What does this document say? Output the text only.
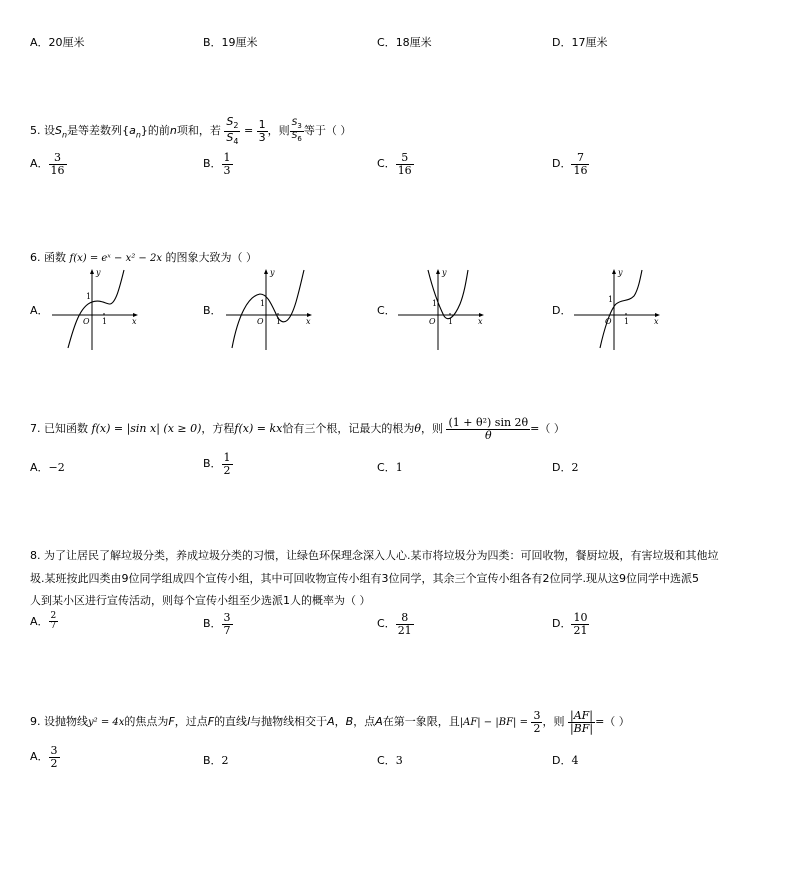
A．20厘米	B．19厘米	C．18厘米	D．17厘米
5. 设$S_n$是等差数列$\{a_n\}$的前n项和，若 $\frac{S_2}{S_4} = \frac{1}{3}$ ，则 $\frac{S_3}{S_6}$ 等于（ ）
A． $\frac{3}{16}$	B． $\frac{1}{3}$	C． $\frac{5}{16}$	D． $\frac{7}{16}$
6. 函数 f(x) = eˣ − x² − 2x 的图象大致为（ ）
A．	B．	C．	D．
y
x
O 1
1
y
x
O 1
1
y
x
O 1
1
y
x
O 1
1
7. 已知函数 f(x) = |sin x| (x ≥ 0)，方程f(x) = kx恰有三个根，记最大的根为θ，则 $\frac{\text{(1 + θ²) sin 2θ}}{\theta}$ =（ ）
A．−2	B． $\frac{1}{2}$	C．1	D．2
8. 为了让居民了解垃圾分类，养成垃圾分类的习惯，让绿色环保理念深入人心.某市将垃圾分为四类：可回收物，餐厨垃圾，有害垃圾和其他垃
圾.某班按此四类由9位同学组成四个宣传小组，其中可回收物宣传小组有3位同学，其余三个宣传小组各有2位同学.现从这9位同学中选派5
人到某小区进行宣传活动，则每个宣传小组至少选派1人的概率为（ ）
A． $\frac{2}{7}$	B． $\frac{3}{7}$	C． $\frac{8}{21}$	D． $\frac{10}{21}$
9. 设抛物线y² = 4x的焦点为F，过点F的直线l与抛物线相交于A，B，点A在第一象限，且$|AF| - |BF| = \frac{3}{2}$ ，则 $\frac{|AF|}{|BF|}$ =（ ）
A． $\frac{3}{2}$	B．2	C．3	D．4
